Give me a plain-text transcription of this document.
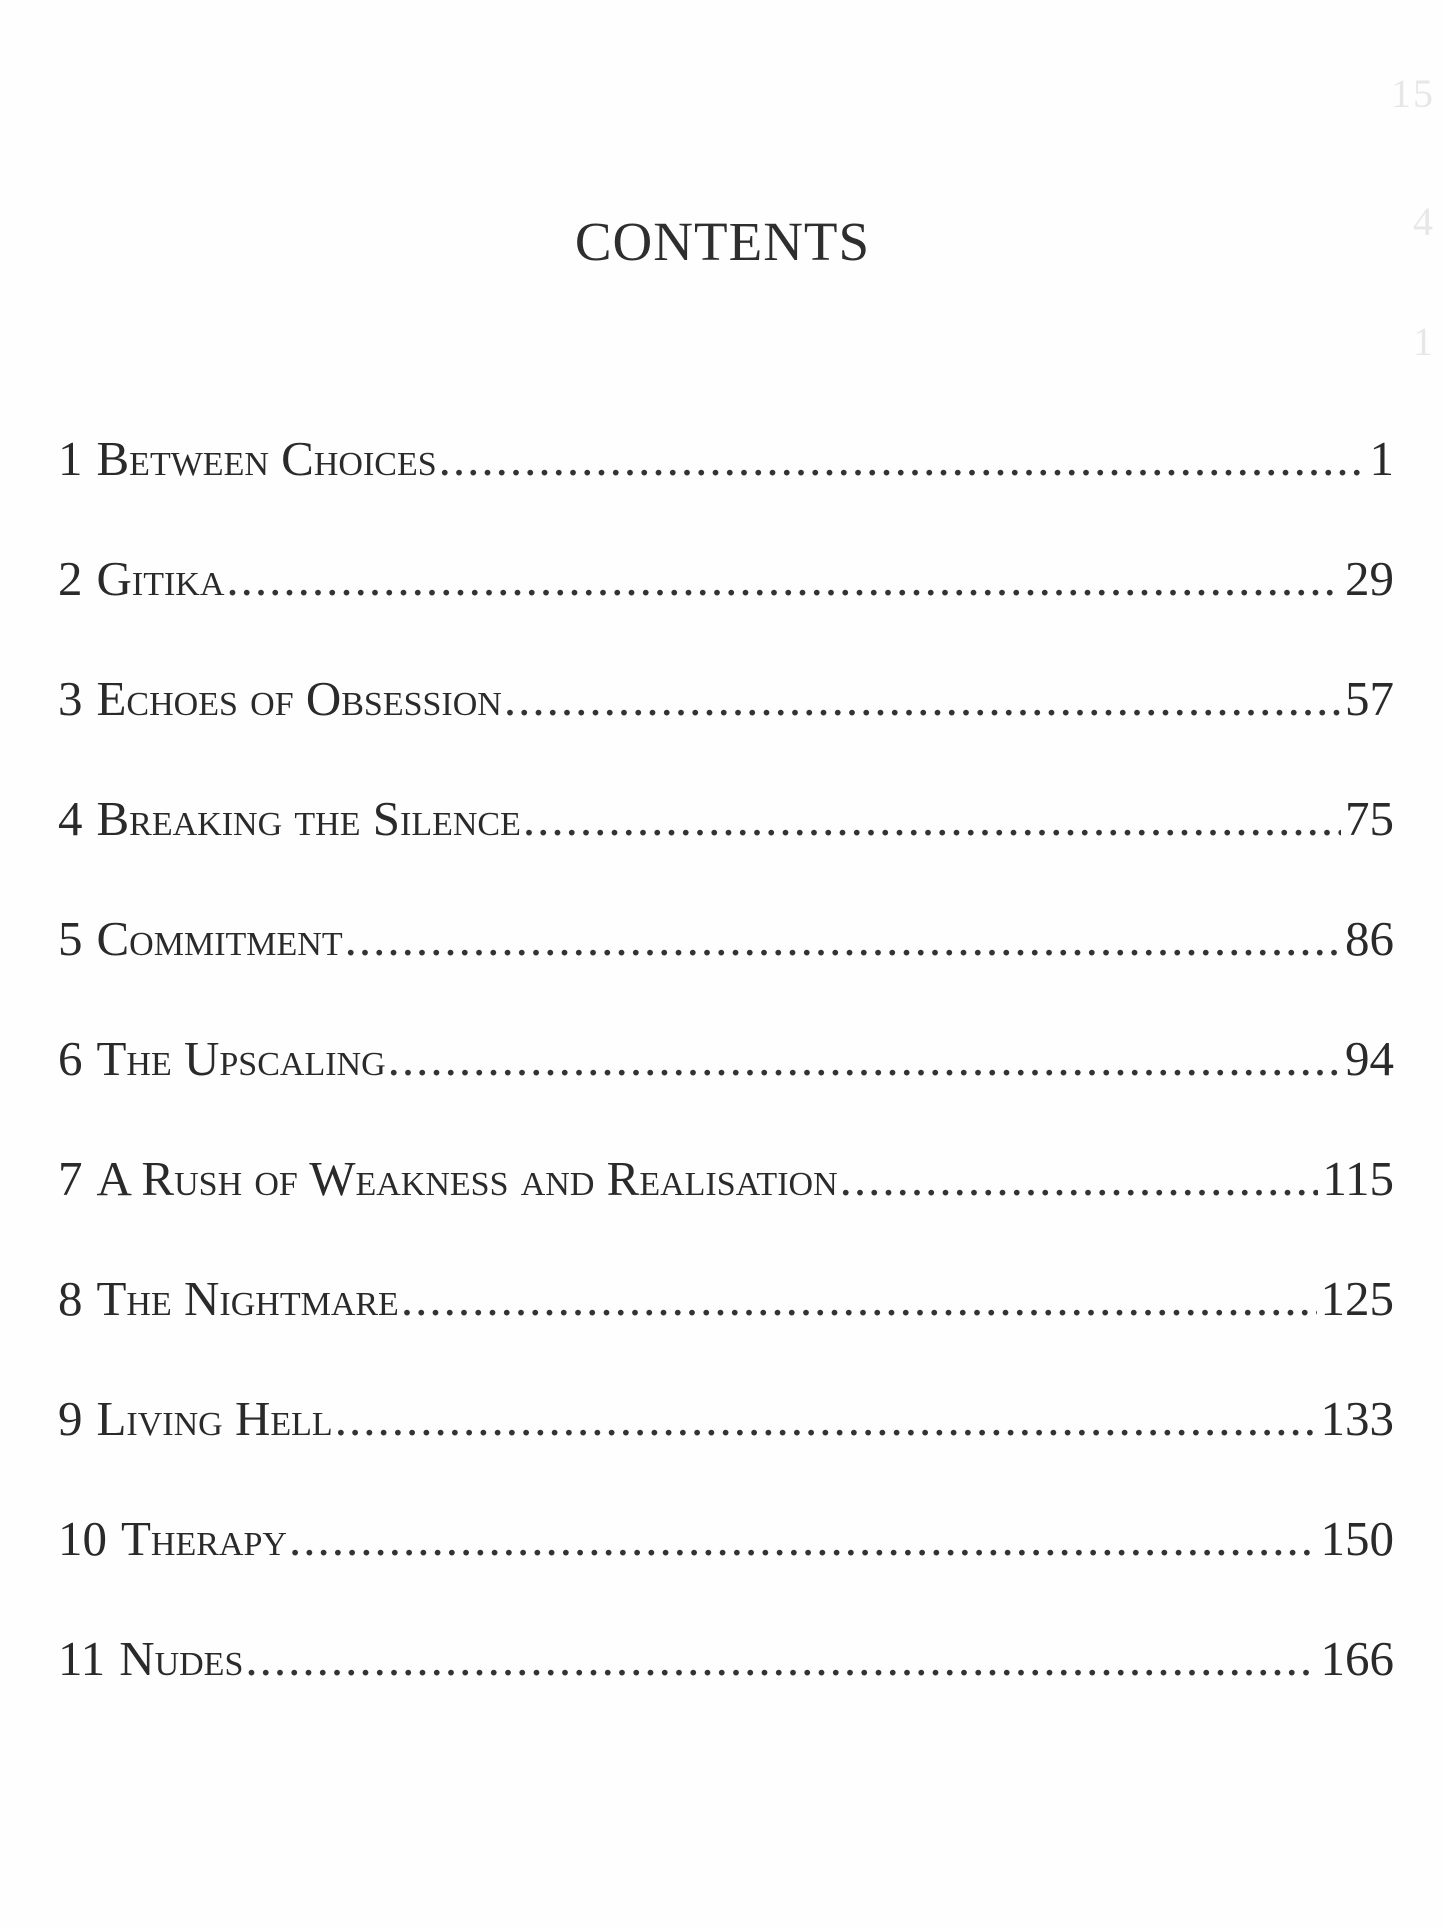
15
4
1
CONTENTS
1 Between Choices .....	1
2 Gitika .....	29
3 Echoes of Obsession .....	57
4 Breaking the Silence .....	75
5 Commitment .....	86
6 The Upscaling .....	94
7 A Rush of Weakness and Realisation .....	115
8 The Nightmare .....	125
9 Living Hell .....	133
10 Therapy .....	150
11 Nudes .....	166
